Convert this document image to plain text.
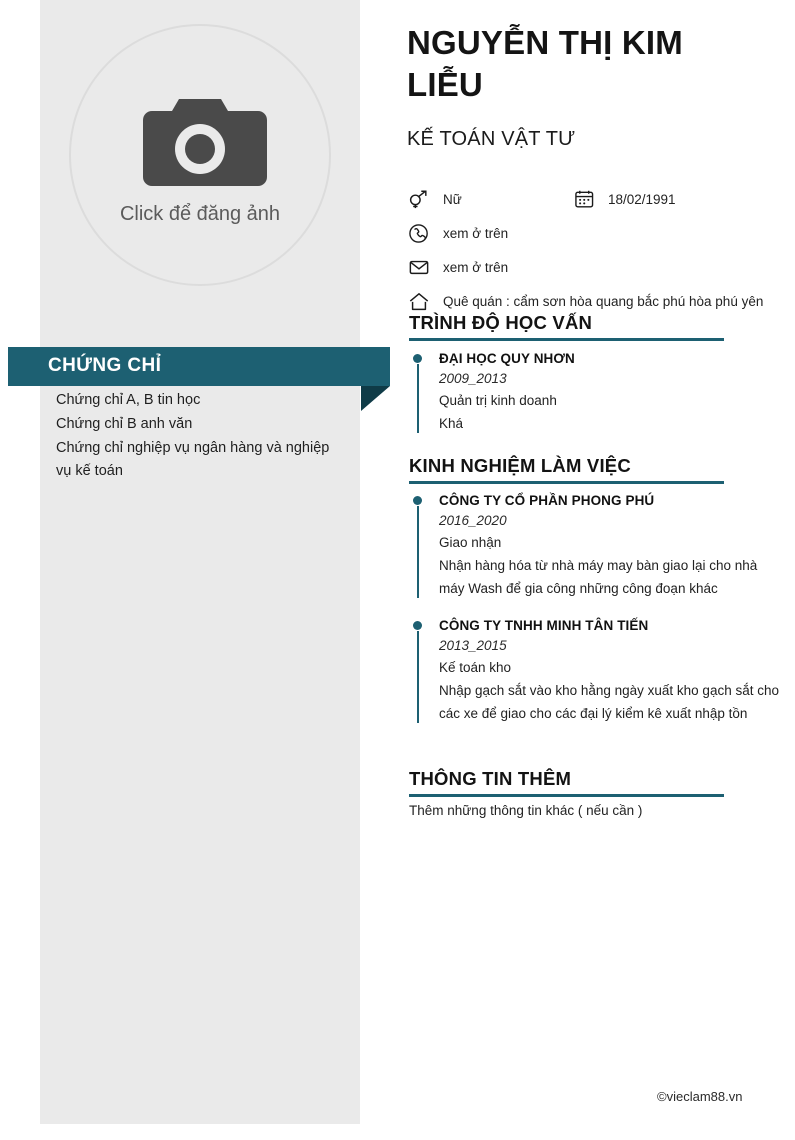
Click để đăng ảnh
CHỨNG CHỈ
Chứng chỉ A, B tin học
Chứng chỉ B anh văn
Chứng chỉ nghiệp vụ ngân hàng và nghiệp vụ kế toán
NGUYỄN THỊ KIM LIỄU
KẾ TOÁN VẬT TƯ
Nữ	18/02/1991
xem ở trên
xem ở trên
Quê quán : cẩm sơn hòa quang bắc phú hòa phú yên
TRÌNH ĐỘ HỌC VẤN
ĐẠI HỌC QUY NHƠN
2009_2013
Quản trị kinh doanh
Khá
KINH NGHIỆM LÀM VIỆC
CÔNG TY CỔ PHẦN PHONG PHÚ
2016_2020
Giao nhận
Nhận hàng hóa từ nhà máy may bàn giao lại cho nhà máy Wash để gia công những công đoạn khác
CÔNG TY TNHH MINH TÂN TIẾN
2013_2015
Kế toán kho
Nhập gạch sắt vào kho hằng ngày xuất kho gạch sắt cho các xe để giao cho các đại lý kiểm kê xuất nhập tồn
THÔNG TIN THÊM
Thêm những thông tin khác ( nếu cần )
©vieclam88.vn
